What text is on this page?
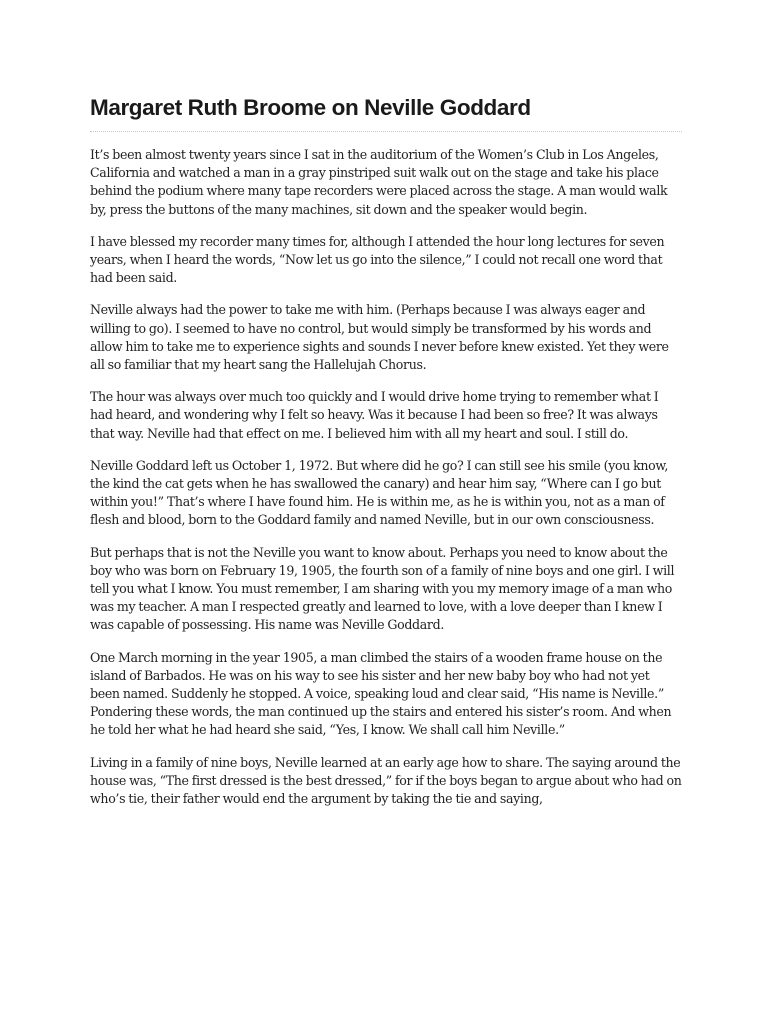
Margaret Ruth Broome on Neville Goddard

It’s been almost twenty years since I sat in the auditorium of the Women’s Club in Los Angeles, California and watched a man in a gray pinstriped suit walk out on the stage and take his place behind the podium where many tape recorders were placed across the stage. A man would walk by, press the buttons of the many machines, sit down and the speaker would begin.

I have blessed my recorder many times for, although I attended the hour long lectures for seven years, when I heard the words, “Now let us go into the silence,” I could not recall one word that had been said.

Neville always had the power to take me with him. (Perhaps because I was always eager and willing to go). I seemed to have no control, but would simply be transformed by his words and allow him to take me to experience sights and sounds I never before knew existed. Yet they were all so familiar that my heart sang the Hallelujah Chorus.

The hour was always over much too quickly and I would drive home trying to remember what I had heard, and wondering why I felt so heavy. Was it because I had been so free? It was always that way. Neville had that effect on me. I believed him with all my heart and soul. I still do.

Neville Goddard left us October 1, 1972. But where did he go? I can still see his smile (you know, the kind the cat gets when he has swallowed the canary) and hear him say, “Where can I go but within you!” That’s where I have found him. He is within me, as he is within you, not as a man of flesh and blood, born to the Goddard family and named Neville, but in our own consciousness.

But perhaps that is not the Neville you want to know about. Perhaps you need to know about the boy who was born on February 19, 1905, the fourth son of a family of nine boys and one girl. I will tell you what I know. You must remember, I am sharing with you my memory image of a man who was my teacher. A man I respected greatly and learned to love, with a love deeper than I knew I was capable of possessing. His name was Neville Goddard.

One March morning in the year 1905, a man climbed the stairs of a wooden frame house on the island of Barbados. He was on his way to see his sister and her new baby boy who had not yet been named. Suddenly he stopped. A voice, speaking loud and clear said, “His name is Neville.” Pondering these words, the man continued up the stairs and entered his sister’s room. And when he told her what he had heard she said, “Yes, I know. We shall call him Neville.”

Living in a family of nine boys, Neville learned at an early age how to share. The saying around the house was, “The first dressed is the best dressed,” for if the boys began to argue about who had on who’s tie, their father would end the argument by taking the tie and saying,
